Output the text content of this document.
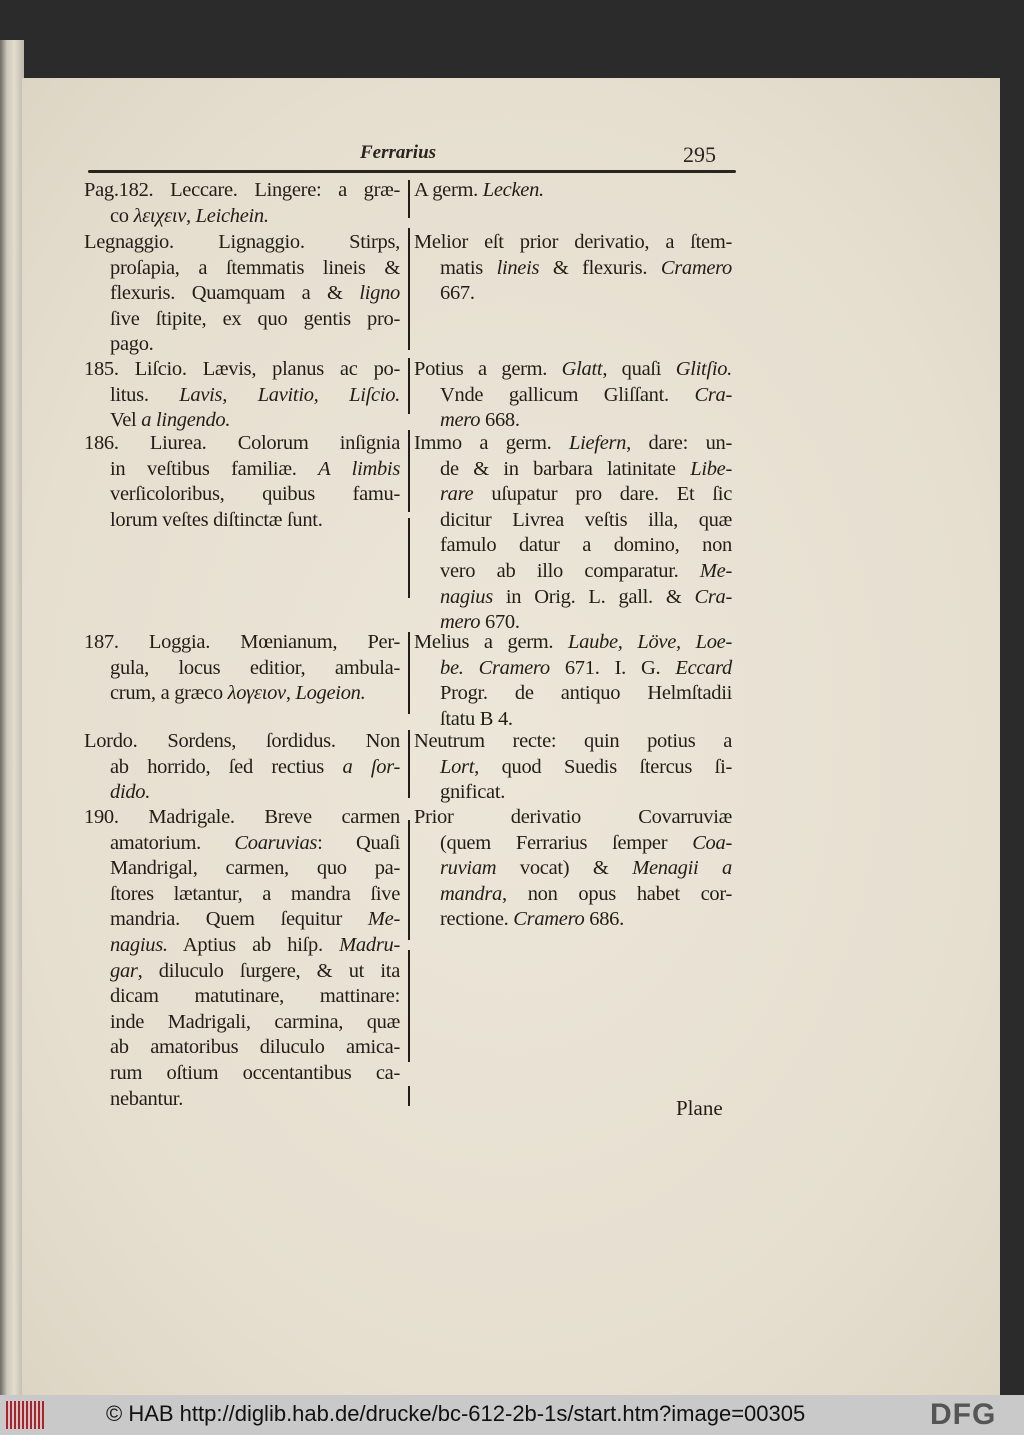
Ferrarius	295
Pag.182. Leccare. Lingere: a græ-
co λειχειν, Leichein.
Legnaggio. Lignaggio. Stirps,
proſapia, a ſtemmatis lineis &
flexuris. Quamquam a & ligno
ſive ſtipite, ex quo gentis pro-
pago.
185. Liſcio. Lævis, planus ac po-
litus. Lavis, Lavitio, Liſcio.
Vel a lingendo.
186. Liurea. Colorum inſignia
in veſtibus familiæ. A limbis
verſicoloribus, quibus famu-
lorum veſtes diſtinctæ ſunt.
187. Loggia. Mœnianum, Per-
gula, locus editior, ambula-
crum, a græco λογειον, Logeion.
Lordo. Sordens, ſordidus. Non
ab horrido, ſed rectius a ſor-
dido.
190. Madrigale. Breve carmen
amatorium. Coaruvias: Quaſi
Mandrigal, carmen, quo pa-
ſtores lætantur, a mandra ſive
mandria. Quem ſequitur Me-
nagius. Aptius ab hiſp. Madru-
gar, diluculo ſurgere, & ut ita
dicam matutinare, mattinare:
inde Madrigali, carmina, quæ
ab amatoribus diluculo amica-
rum oſtium occentantibus ca-
nebantur.
A germ. Lecken.
Melior eſt prior derivatio, a ſtem-
matis lineis & flexuris. Cramero
667.
Potius a germ. Glatt, quaſi Glitſio.
Vnde gallicum Gliſſant. Cra-
mero 668.
Immo a germ. Liefern, dare: un-
de & in barbara latinitate Libe-
rare uſupatur pro dare. Et ſic
dicitur Livrea veſtis illa, quæ
famulo datur a domino, non
vero ab illo comparatur. Me-
nagius in Orig. L. gall. & Cra-
mero 670.
Melius a germ. Laube, Löve, Loe-
be. Cramero 671. I. G. Eccard
Progr. de antiquo Helmſtadii
ſtatu B 4.
Neutrum recte: quin potius a
Lort, quod Suedis ſtercus ſi-
gnificat.
Prior derivatio Covarruviæ
(quem Ferrarius ſemper Coa-
ruviam vocat) & Menagii a
mandra, non opus habet cor-
rectione. Cramero 686.
Plane
© HAB http://diglib.hab.de/drucke/bc-612-2b-1s/start.htm?image=00305	DFG
